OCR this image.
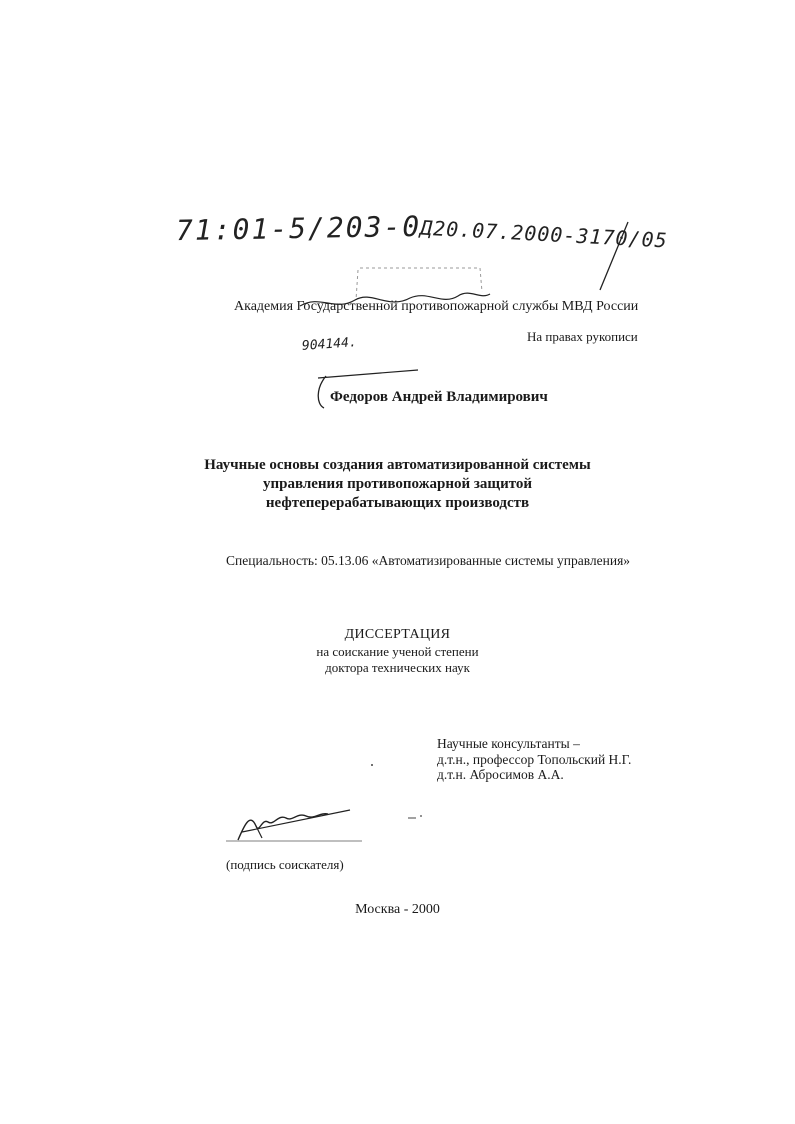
71:01-5/203-0
Д20.07.2000-3170/05
904144.
Академия Государственной противопожарной службы МВД России
На правах рукописи
Федоров Андрей Владимирович
Научные основы создания автоматизированной системы
управления противопожарной защитой
нефтеперерабатывающих производств
Специальность: 05.13.06 «Автоматизированные системы управления»
ДИССЕРТАЦИЯ
на соискание ученой степени
доктора технических наук
Научные консультанты –
д.т.н., профессор Топольский Н.Г.
д.т.н. Абросимов А.А.
(подпись соискателя)
Москва - 2000
